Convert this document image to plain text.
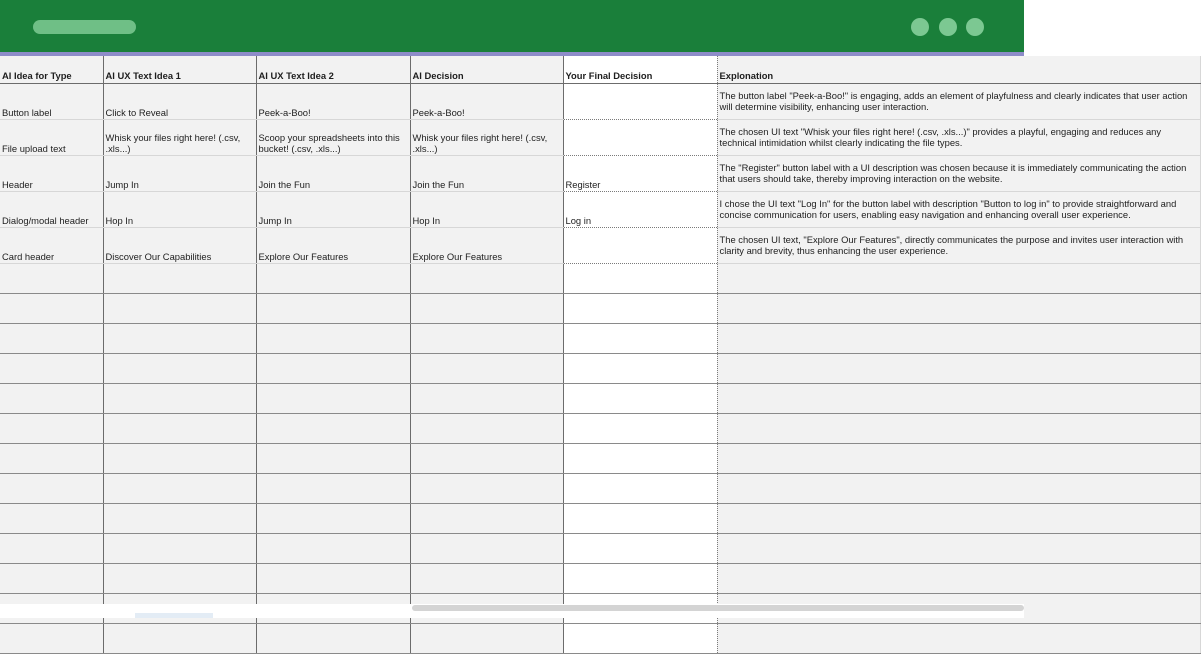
AI Idea for Type	AI UX Text Idea 1	AI UX Text Idea 2	AI Decision	Your Final Decision	Explonation
Button label	Click to Reveal	Peek-a-Boo!	Peek-a-Boo!		The button label "Peek-a-Boo!" is engaging, adds an element of playfulness and clearly indicates that user action will determine visibility, enhancing user interaction.
File upload text	Whisk your files right here! (.csv, .xls...)	Scoop your spreadsheets into this bucket! (.csv, .xls...)	Whisk your files right here! (.csv, .xls...)		The chosen UI text "Whisk your files right here! (.csv, .xls...)" provides a playful, engaging and reduces any technical intimidation whilst clearly indicating the file types.
Header	Jump In	Join the Fun	Join the Fun	Register	The "Register" button label with a UI description was chosen because it is immediately communicating the action that users should take, thereby improving interaction on the website.
Dialog/modal header	Hop In	Jump In	Hop In	Log in	I chose the UI text "Log In" for the button label with description "Button to log in" to provide straightforward and concise communication for users, enabling easy navigation and enhancing overall user experience.
Card header	Discover Our Capabilities	Explore Our Features	Explore Our Features		The chosen UI text, "Explore Our Features", directly communicates the purpose and invites user interaction with clarity and brevity, thus enhancing the user experience.
